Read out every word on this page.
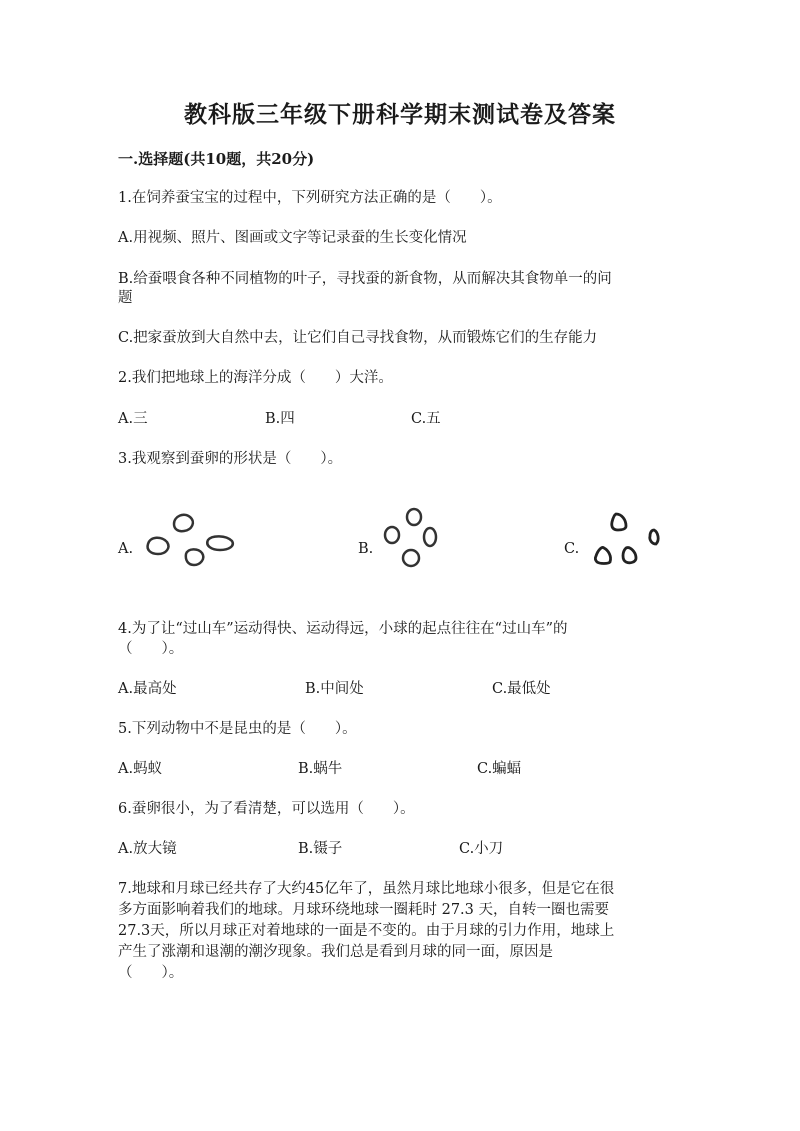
教科版三年级下册科学期末测试卷及答案
一.选择题(共10题，共20分)
1.在饲养蚕宝宝的过程中，下列研究方法正确的是（　　）。
A.用视频、照片、图画或文字等记录蚕的生长变化情况
B.给蚕喂食各种不同植物的叶子，寻找蚕的新食物，从而解决其食物单一的问
题
C.把家蚕放到大自然中去，让它们自己寻找食物，从而锻炼它们的生存能力
2.我们把地球上的海洋分成（　　）大洋。
A.三	B.四	C.五
3.我观察到蚕卵的形状是（　　）。
A.	B.	C.
4.为了让“过山车”运动得快、运动得远，小球的起点往往在“过山车”的
（　　）。
A.最高处	B.中间处	C.最低处
5.下列动物中不是昆虫的是（　　）。
A.蚂蚁	B.蜗牛	C.蝙蝠
6.蚕卵很小，为了看清楚，可以选用（　　）。
A.放大镜	B.镊子	C.小刀
7.地球和月球已经共存了大约45亿年了，虽然月球比地球小很多，但是它在很
多方面影响着我们的地球。月球环绕地球一圈耗时 27.3 天，自转一圈也需要
27.3天，所以月球正对着地球的一面是不变的。由于月球的引力作用，地球上
产生了涨潮和退潮的潮汐现象。我们总是看到月球的同一面，原因是
（　　）。
